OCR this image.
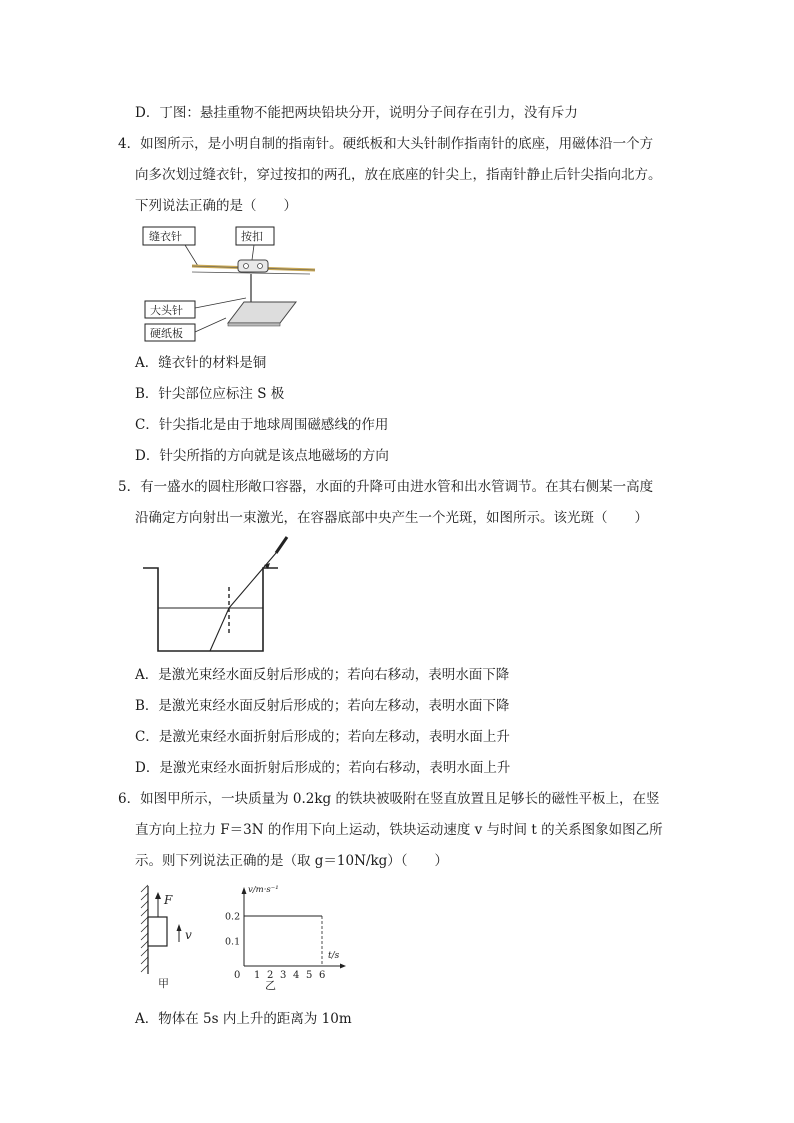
D．丁图：悬挂重物不能把两块铅块分开，说明分子间存在引力，没有斥力
4．如图所示，是小明自制的指南针。硬纸板和大头针制作指南针的底座，用磁体沿一个方
向多次划过缝衣针，穿过按扣的两孔，放在底座的针尖上，指南针静止后针尖指向北方。
下列说法正确的是（　　）
缝衣针	按扣
大头针
硬纸板
A．缝衣针的材料是铜
B．针尖部位应标注 S 极
C．针尖指北是由于地球周围磁感线的作用
D．针尖所指的方向就是该点地磁场的方向
5．有一盛水的圆柱形敞口容器，水面的升降可由进水管和出水管调节。在其右侧某一高度
沿确定方向射出一束激光，在容器底部中央产生一个光斑，如图所示。该光斑（　　）
A．是激光束经水面反射后形成的；若向右移动，表明水面下降
B．是激光束经水面反射后形成的；若向左移动，表明水面下降
C．是激光束经水面折射后形成的；若向左移动，表明水面上升
D．是激光束经水面折射后形成的；若向右移动，表明水面上升
6．如图甲所示，一块质量为 0.2kg 的铁块被吸附在竖直放置且足够长的磁性平板上，在竖
直方向上拉力 F＝3N 的作用下向上运动，铁块运动速度 v 与时间 t 的关系图象如图乙所
示。则下列说法正确的是（取 g＝10N/kg）（　　）
F
v
甲
v/m·s⁻¹
t/s
0 1 2 3 4 5 6
0.1
0.2
乙
A．物体在 5s 内上升的距离为 10m
